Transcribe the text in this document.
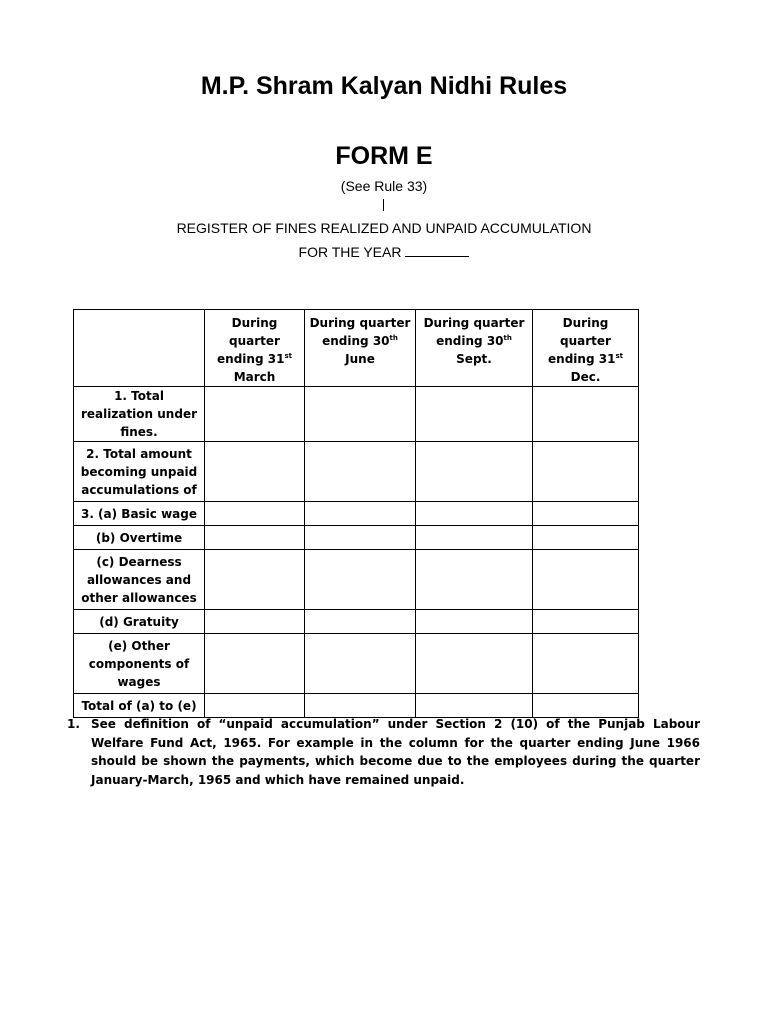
M.P. Shram Kalyan Nidhi Rules
FORM E
(See Rule 33)
REGISTER OF FINES REALIZED AND UNPAID ACCUMULATION
FOR THE YEAR
	During quarter ending 31st March	During quarter ending 30th June	During quarter ending 30th Sept.	During quarter ending 31st Dec.
1. Total realization under fines.				
2. Total amount becoming unpaid accumulations of				
3. (a) Basic wage				
(b) Overtime				
(c) Dearness allowances and other allowances				
(d) Gratuity				
(e) Other components of wages				
Total of (a) to (e)				
1. See definition of “unpaid accumulation” under Section 2 (10) of the Punjab Labour Welfare Fund Act, 1965. For example in the column for the quarter ending June 1966 should be shown the payments, which become due to the employees during the quarter January-March, 1965 and which have remained unpaid.
